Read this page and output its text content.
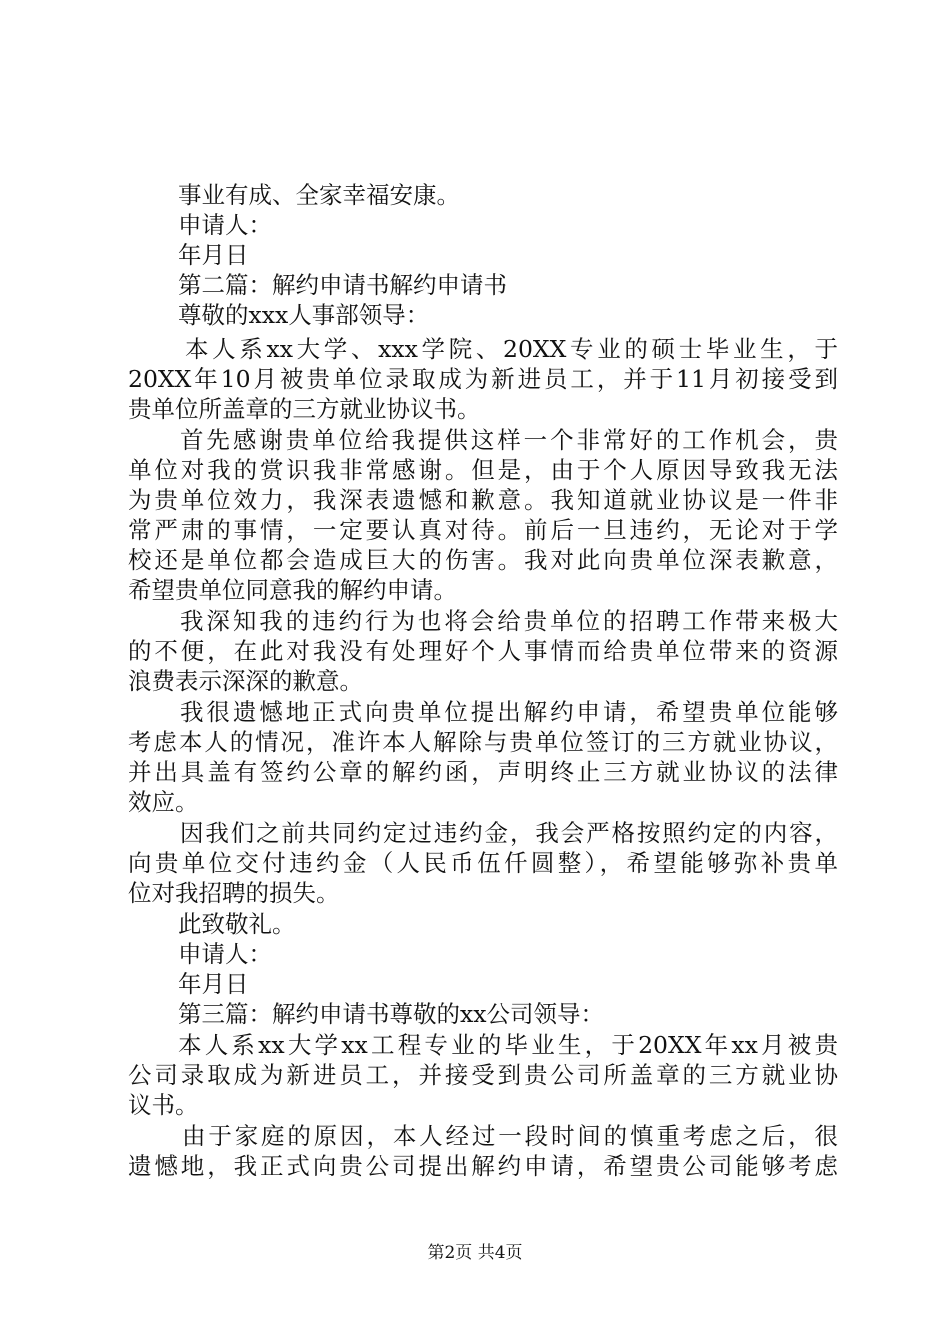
事业有成、全家幸福安康。
申请人：
年月日
第二篇：解约申请书解约申请书
尊敬的xxx人事部领导：
本人系xx大学、xxx学院、20XX专业的硕士毕业生，于
20XX年10月被贵单位录取成为新进员工，并于11月初接受到
贵单位所盖章的三方就业协议书。
首先感谢贵单位给我提供这样一个非常好的工作机会，贵
单位对我的赏识我非常感谢。但是，由于个人原因导致我无法
为贵单位效力，我深表遗憾和歉意。我知道就业协议是一件非
常严肃的事情，一定要认真对待。前后一旦违约，无论对于学
校还是单位都会造成巨大的伤害。我对此向贵单位深表歉意，
希望贵单位同意我的解约申请。
我深知我的违约行为也将会给贵单位的招聘工作带来极大
的不便，在此对我没有处理好个人事情而给贵单位带来的资源
浪费表示深深的歉意。
我很遗憾地正式向贵单位提出解约申请，希望贵单位能够
考虑本人的情况，准许本人解除与贵单位签订的三方就业协议，
并出具盖有签约公章的解约函，声明终止三方就业协议的法律
效应。
因我们之前共同约定过违约金，我会严格按照约定的内容，
向贵单位交付违约金（人民币伍仟圆整），希望能够弥补贵单
位对我招聘的损失。
此致敬礼。
申请人：
年月日
第三篇：解约申请书尊敬的xx公司领导：
本人系xx大学xx工程专业的毕业生，于20XX年xx月被贵
公司录取成为新进员工，并接受到贵公司所盖章的三方就业协
议书。
由于家庭的原因，本人经过一段时间的慎重考虑之后，很
遗憾地，我正式向贵公司提出解约申请，希望贵公司能够考虑
第2页 共4页
